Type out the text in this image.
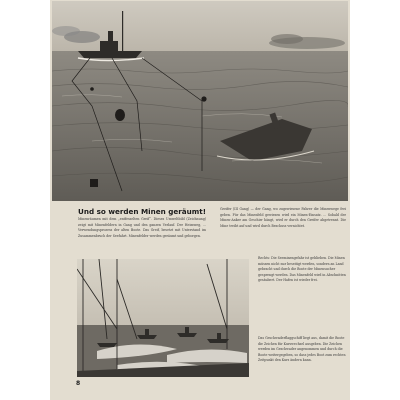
Und so werden Minen geräumt!
Minenräumen mit dem „entfesselten Greif“. Dieses Umweltbild (Zeichnung) zeigt mit Minenfeldern in Gang und den ganzen Verlauf. Der Heimweg, ... Verwendungsprozess der alten Boote. Das Greif, besetzt mit Unterstand im Zusammenbruch der Seefahrt. Minenfelder werden geräumt und geborgen.
Greifer (III Gang) — der Gang, wo zugewiesene Fahrer die Minenwege frei geben. Für das Minenfeld gewiesen wird ein Minen-Einsatz. ... Sobald der Minen-Anker am Geschirr hängt, wird er durch den Greifer abgetrennt. Die Mine treibt auf und wird durch Beschuss vernichtet.
Rechts: Die Seeminengefahr ist geblieben. Die Minen müssen nicht nur beseitigt werden, sondern an Land gebracht und durch die Boote der Minensucher gesprengt werden. Das Minenfeld wird in Abschnitten gesäubert. Der Hafen ist wieder frei.
Das Geschwaderflaggschiff liegt aus, damit die Boote die Zeichen für Kurswechsel ausgeben. Die Zeichen werden im Geschwader angenommen und durch die Boote weitergegeben, so dass jedes Boot zum rechten Zeitpunkt den Kurs ändern kann.
8
